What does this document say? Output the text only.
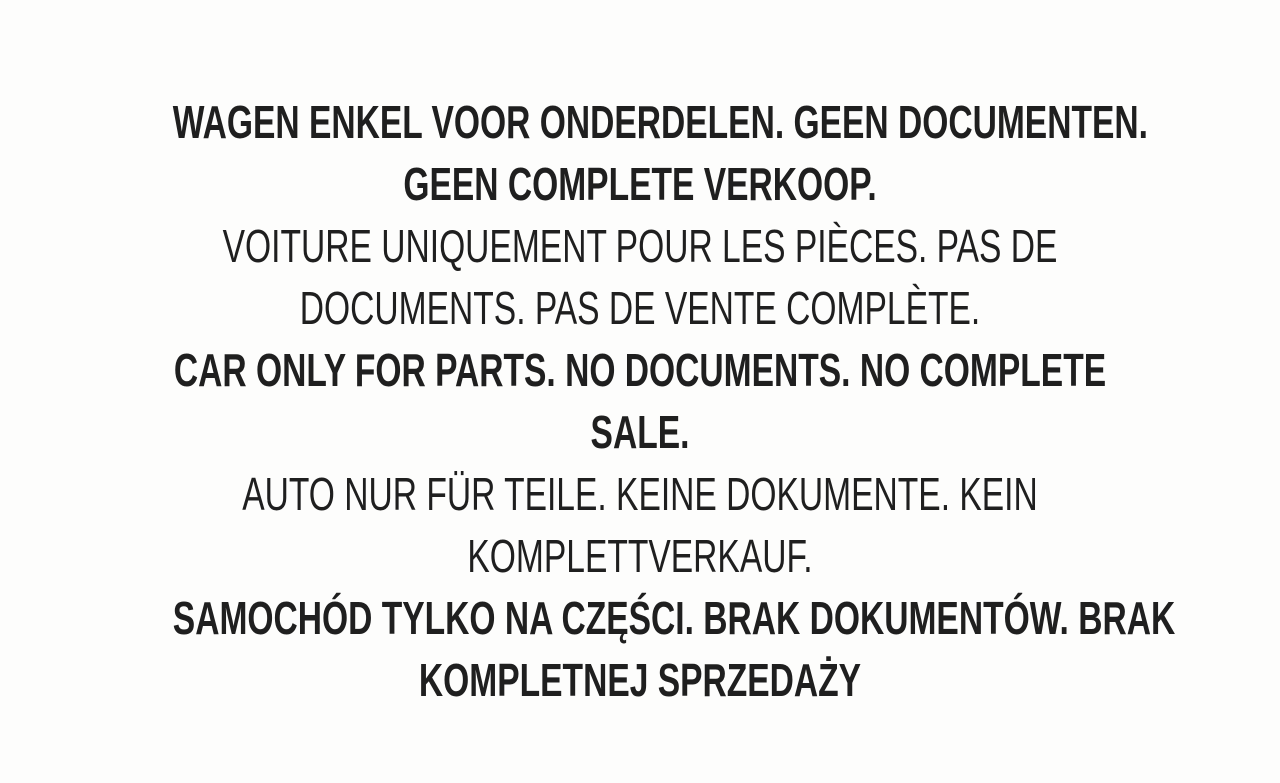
WAGEN ENKEL VOOR ONDERDELEN. GEEN DOCUMENTEN.
GEEN COMPLETE VERKOOP.
VOITURE UNIQUEMENT POUR LES PIÈCES. PAS DE
DOCUMENTS. PAS DE VENTE COMPLÈTE.
CAR ONLY FOR PARTS. NO DOCUMENTS. NO COMPLETE
SALE.
AUTO NUR FÜR TEILE. KEINE DOKUMENTE. KEIN
KOMPLETTVERKAUF.
SAMOCHÓD TYLKO NA CZĘŚCI. BRAK DOKUMENTÓW. BRAK
KOMPLETNEJ SPRZEDAŻY
